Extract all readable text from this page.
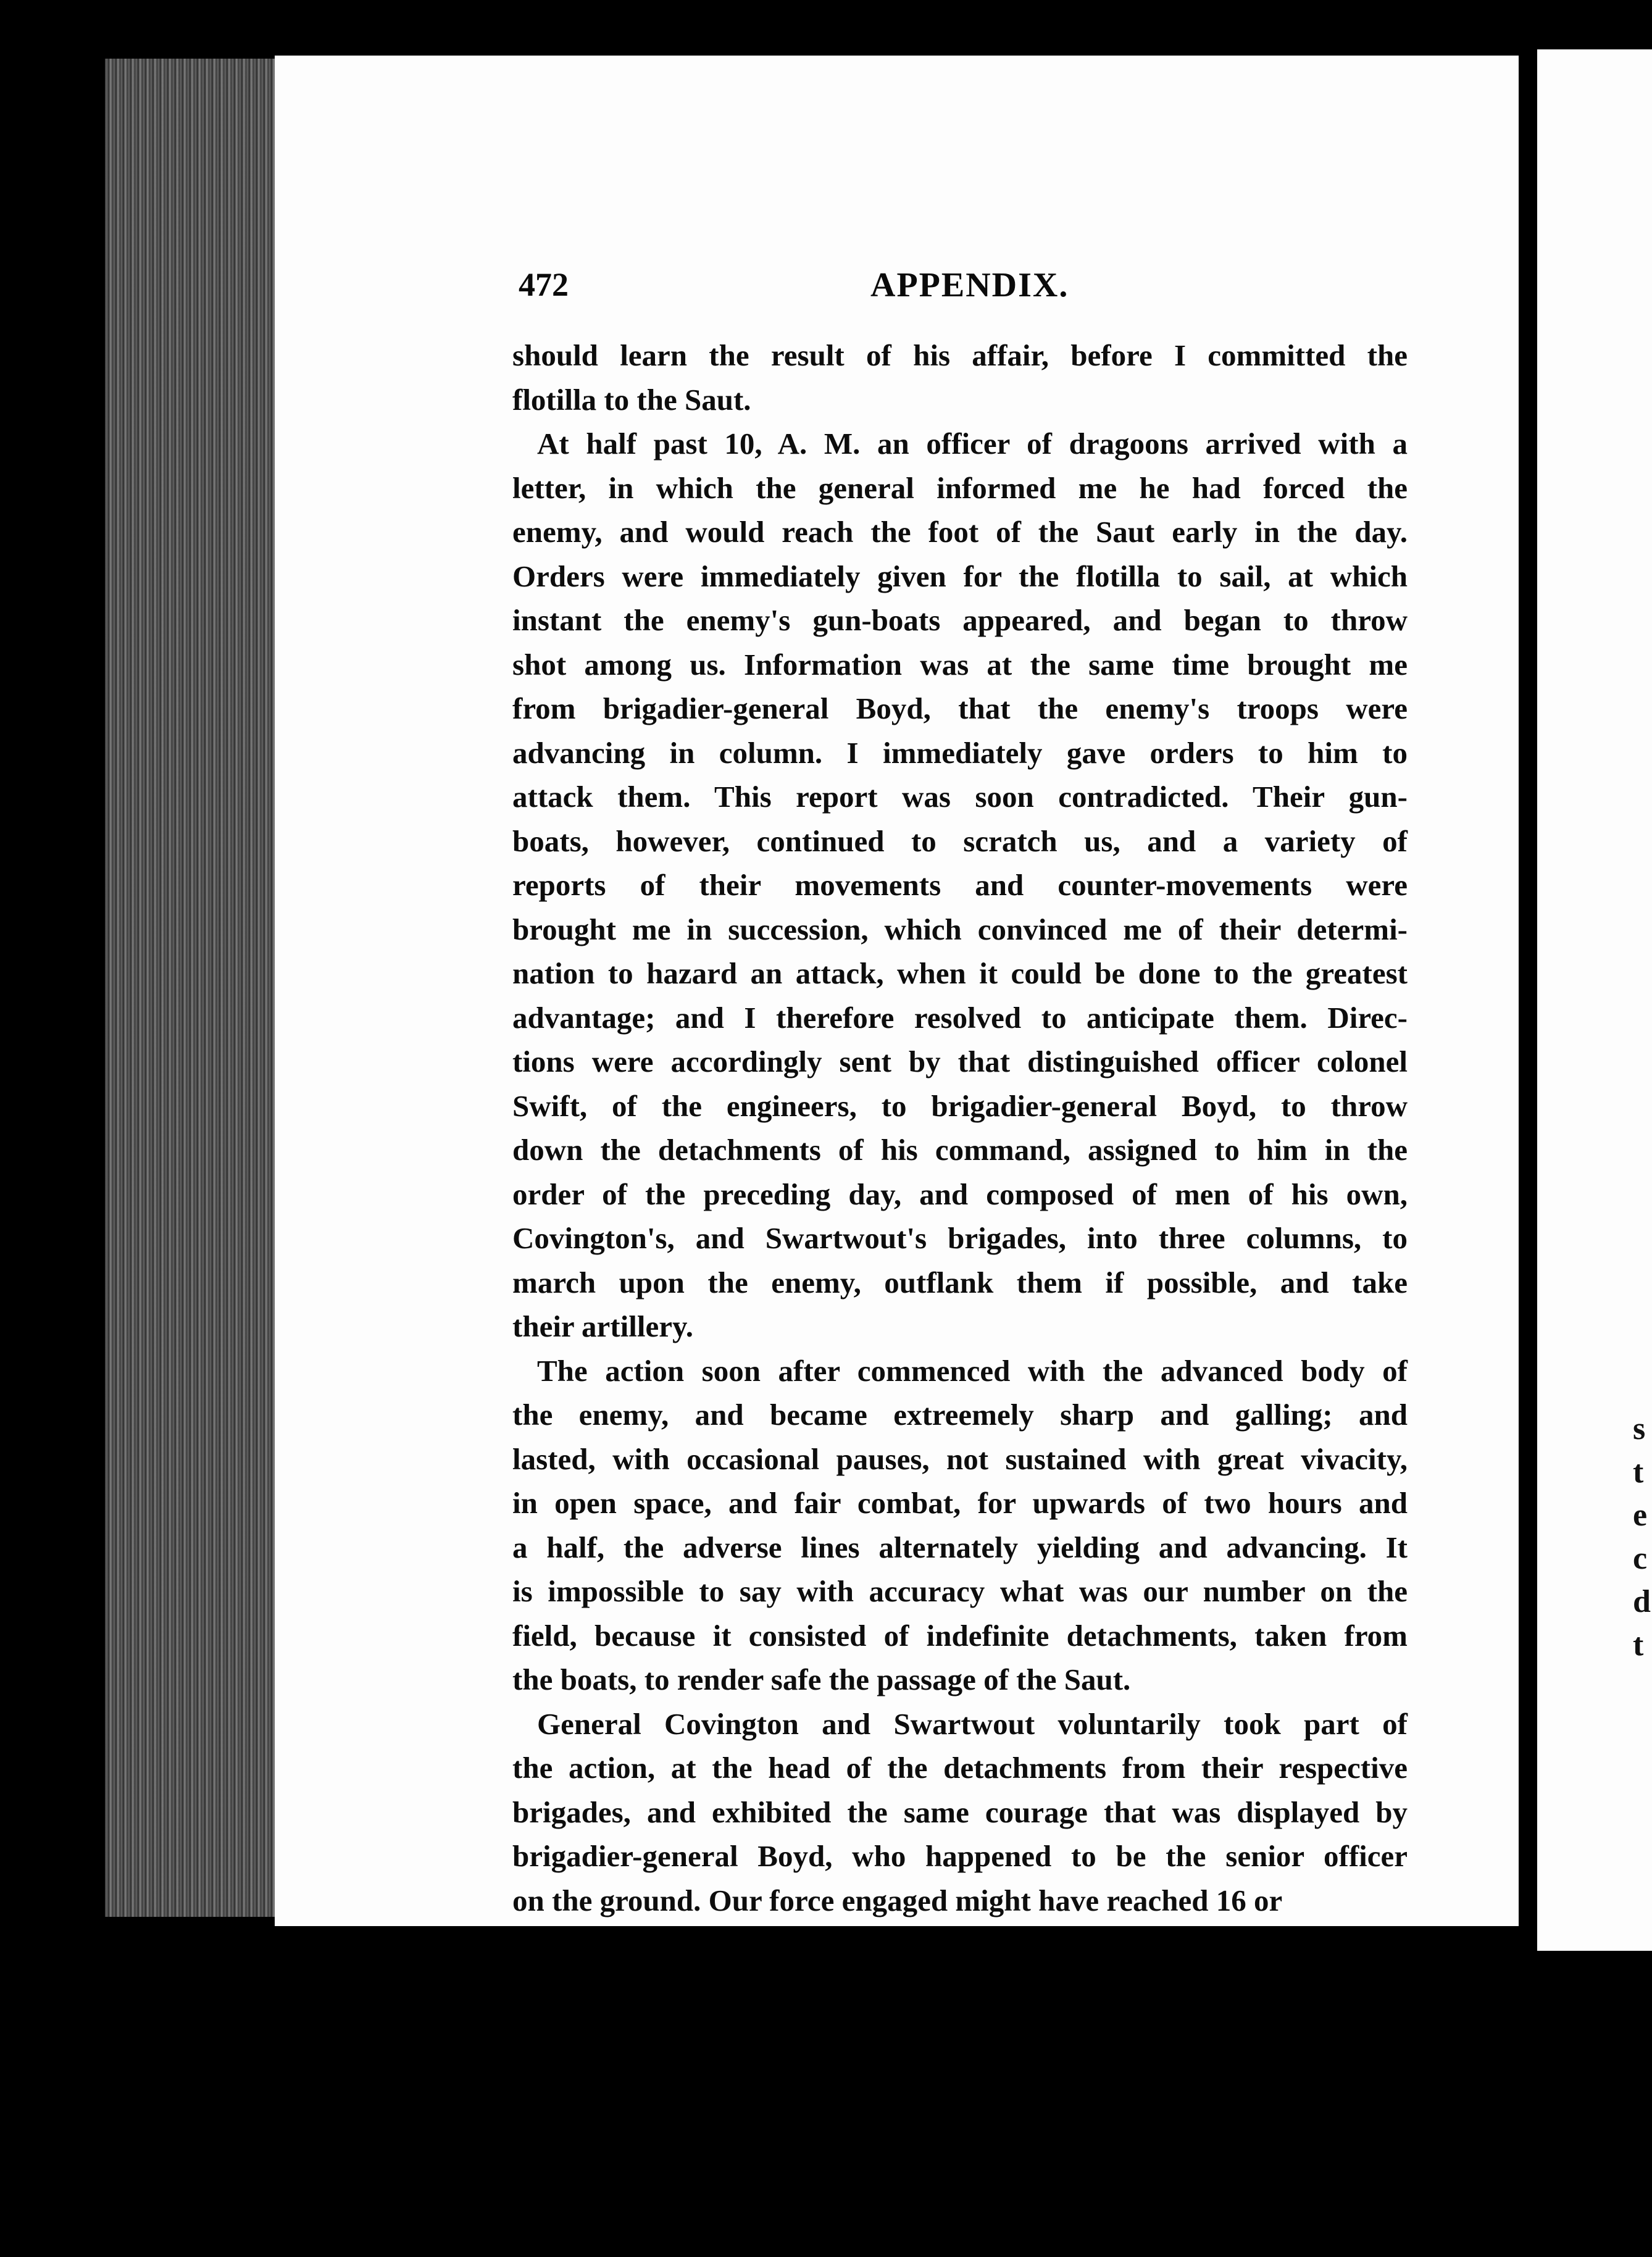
s
t
e
c
d
t
472	APPENDIX.
should learn the result of his affair, before I committed the
flotilla to the Saut.
At half past 10, A. M. an officer of dragoons arrived with a
letter, in which the general informed me he had forced the
enemy, and would reach the foot of the Saut early in the day.
Orders were immediately given for the flotilla to sail, at which
instant the enemy's gun-boats appeared, and began to throw
shot among us. Information was at the same time brought me
from brigadier-general Boyd, that the enemy's troops were
advancing in column. I immediately gave orders to him to
attack them. This report was soon contradicted. Their gun-
boats, however, continued to scratch us, and a variety of
reports of their movements and counter-movements were
brought me in succession, which convinced me of their determi-
nation to hazard an attack, when it could be done to the greatest
advantage; and I therefore resolved to anticipate them. Direc-
tions were accordingly sent by that distinguished officer colonel
Swift, of the engineers, to brigadier-general Boyd, to throw
down the detachments of his command, assigned to him in the
order of the preceding day, and composed of men of his own,
Covington's, and Swartwout's brigades, into three columns, to
march upon the enemy, outflank them if possible, and take
their artillery.
The action soon after commenced with the advanced body of
the enemy, and became extreemely sharp and galling; and
lasted, with occasional pauses, not sustained with great vivacity,
in open space, and fair combat, for upwards of two hours and
a half, the adverse lines alternately yielding and advancing. It
is impossible to say with accuracy what was our number on the
field, because it consisted of indefinite detachments, taken from
the boats, to render safe the passage of the Saut.
General Covington and Swartwout voluntarily took part of
the action, at the head of the detachments from their respective
brigades, and exhibited the same courage that was displayed by
brigadier-general Boyd, who happened to be the senior officer
on the ground. Our force engaged might have reached 16 or
